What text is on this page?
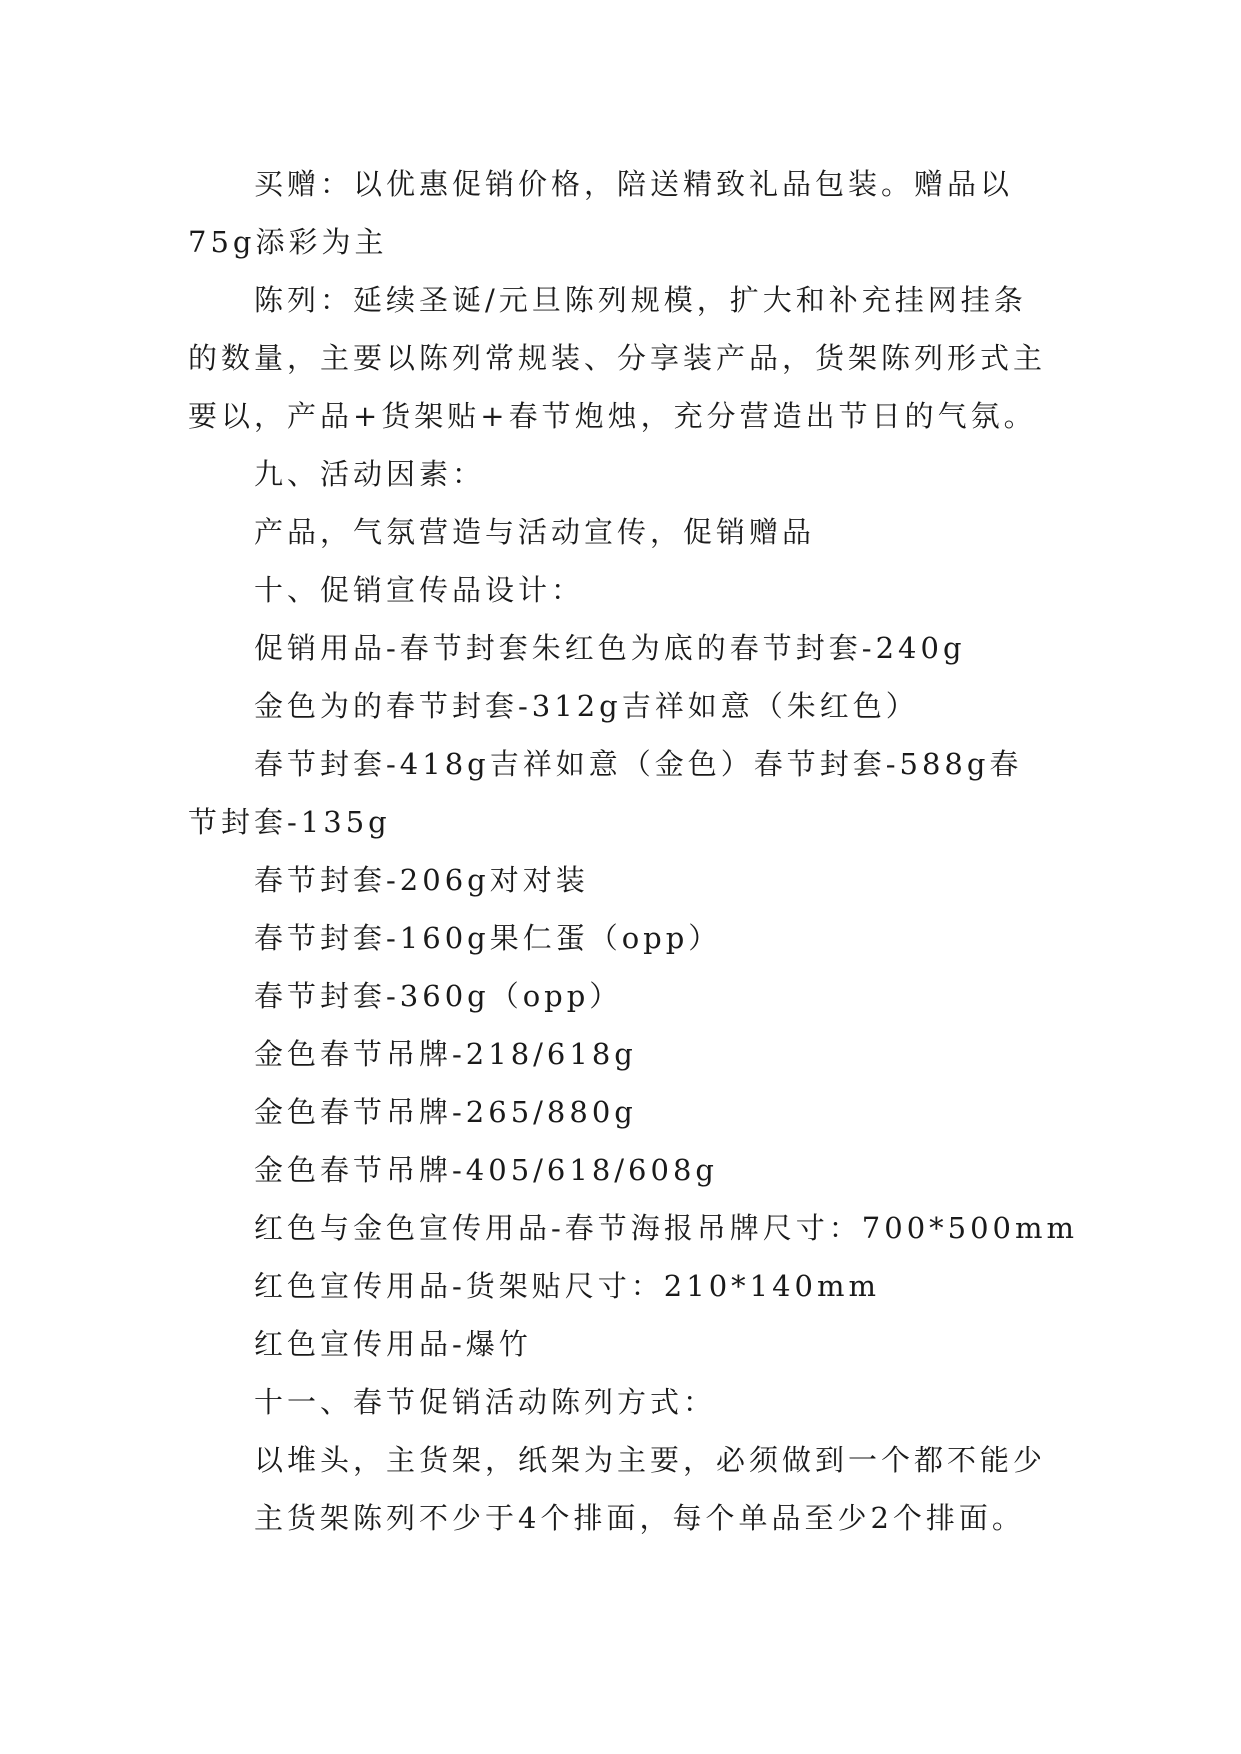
买赠：以优惠促销价格，陪送精致礼品包装。赠品以75g添彩为主

陈列：延续圣诞/元旦陈列规模，扩大和补充挂网挂条的数量，主要以陈列常规装、分享装产品，货架陈列形式主要以，产品+货架贴+春节炮烛，充分营造出节日的气氛。

九、活动因素：

产品，气氛营造与活动宣传，促销赠品

十、促销宣传品设计：

促销用品-春节封套朱红色为底的春节封套-240g

金色为的春节封套-312g吉祥如意（朱红色）

春节封套-418g吉祥如意（金色）春节封套-588g春节封套-135g

春节封套-206g对对装

春节封套-160g果仁蛋（opp）

春节封套-360g（opp）

金色春节吊牌-218/618g

金色春节吊牌-265/880g

金色春节吊牌-405/618/608g

红色与金色宣传用品-春节海报吊牌尺寸：700*500mm

红色宣传用品-货架贴尺寸：210*140mm

红色宣传用品-爆竹

十一、春节促销活动陈列方式：

以堆头，主货架，纸架为主要，必须做到一个都不能少

主货架陈列不少于4个排面，每个单品至少2个排面。
